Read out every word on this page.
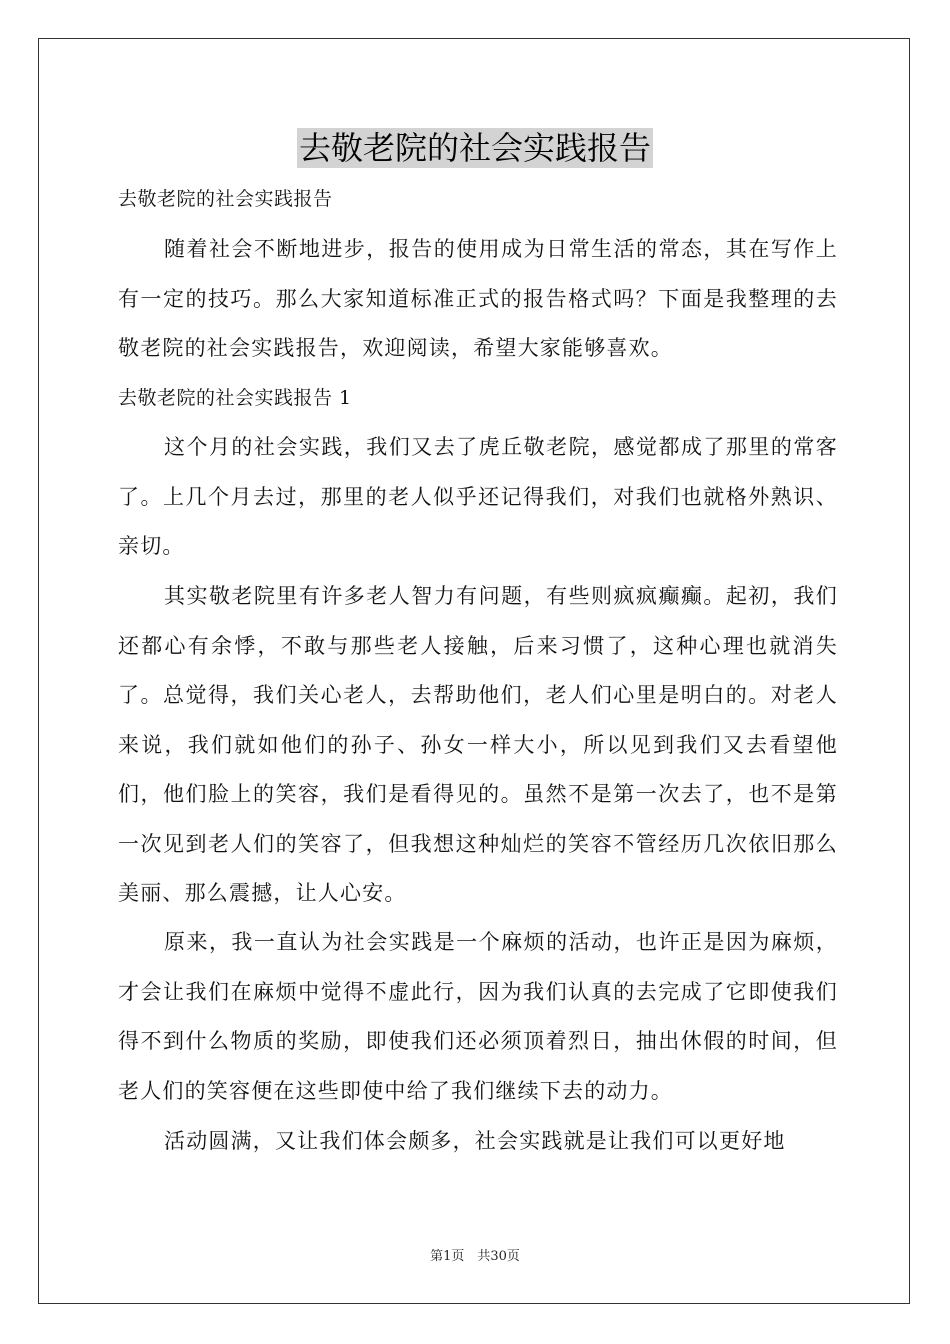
去敬老院的社会实践报告

去敬老院的社会实践报告

随着社会不断地进步，报告的使用成为日常生活的常态，其在写作上有一定的技巧。那么大家知道标准正式的报告格式吗？下面是我整理的去敬老院的社会实践报告，欢迎阅读，希望大家能够喜欢。

去敬老院的社会实践报告 1

这个月的社会实践，我们又去了虎丘敬老院，感觉都成了那里的常客了。上几个月去过，那里的老人似乎还记得我们，对我们也就格外熟识、亲切。

其实敬老院里有许多老人智力有问题，有些则疯疯癫癫。起初，我们还都心有余悸，不敢与那些老人接触，后来习惯了，这种心理也就消失了。总觉得，我们关心老人，去帮助他们，老人们心里是明白的。对老人来说，我们就如他们的孙子、孙女一样大小，所以见到我们又去看望他们，他们脸上的笑容，我们是看得见的。虽然不是第一次去了，也不是第一次见到老人们的笑容了，但我想这种灿烂的笑容不管经历几次依旧那么美丽、那么震撼，让人心安。

原来，我一直认为社会实践是一个麻烦的活动，也许正是因为麻烦，才会让我们在麻烦中觉得不虚此行，因为我们认真的去完成了它即使我们得不到什么物质的奖励，即使我们还必须顶着烈日，抽出休假的时间，但老人们的笑容便在这些即使中给了我们继续下去的动力。

活动圆满，又让我们体会颇多，社会实践就是让我们可以更好地

第1页　共30页
